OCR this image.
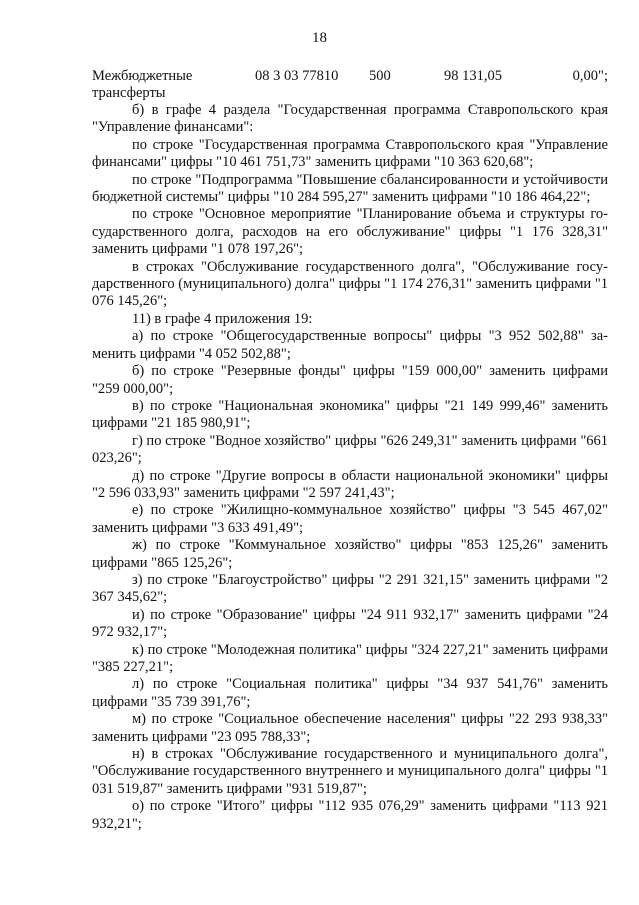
18
Межбюджетные трансферты
08 3 03 77810 500	98 131,05	0,00";

б) в графе 4 раздела "Государственная программа Ставропольского края "Управление финансами":

по строке "Государственная программа Ставропольского края "Управление финансами" цифры "10 461 751,73" заменить цифрами "10 363 620,68";

по строке "Подпрограмма "Повышение сбалансированности и устойчивости бюджетной системы" цифры "10 284 595,27" заменить цифрами "10 186 464,22";

по строке "Основное мероприятие "Планирование объема и структуры государственного долга, расходов на его обслуживание" цифры "1 176 328,31" заменить цифрами "1 078 197,26";

в строках "Обслуживание государственного долга", "Обслуживание государственного (муниципального) долга" цифры "1 174 276,31" заменить цифрами "1 076 145,26";

11) в графе 4 приложения 19:

а) по строке "Общегосударственные вопросы" цифры "3 952 502,88" заменить цифрами "4 052 502,88";

б) по строке "Резервные фонды" цифры "159 000,00" заменить цифрами "259 000,00";

в) по строке "Национальная экономика" цифры "21 149 999,46" заменить цифрами "21 185 980,91";

г) по строке "Водное хозяйство" цифры "626 249,31" заменить цифрами "661 023,26";

д) по строке "Другие вопросы в области национальной экономики" цифры "2 596 033,93" заменить цифрами "2 597 241,43";

е) по строке "Жилищно-коммунальное хозяйство" цифры "3 545 467,02" заменить цифрами "3 633 491,49";

ж) по строке "Коммунальное хозяйство" цифры "853 125,26" заменить цифрами "865 125,26";

з) по строке "Благоустройство" цифры "2 291 321,15" заменить цифрами "2 367 345,62";

и) по строке "Образование" цифры "24 911 932,17" заменить цифрами "24 972 932,17";

к) по строке "Молодежная политика" цифры "324 227,21" заменить цифрами "385 227,21";

л) по строке "Социальная политика" цифры "34 937 541,76" заменить цифрами "35 739 391,76";

м) по строке "Социальное обеспечение населения" цифры "22 293 938,33" заменить цифрами "23 095 788,33";

н) в строках "Обслуживание государственного и муниципального долга", "Обслуживание государственного внутреннего и муниципального долга" цифры "1 031 519,87" заменить цифрами "931 519,87";

о) по строке "Итого" цифры "112 935 076,29" заменить цифрами "113 921 932,21";
